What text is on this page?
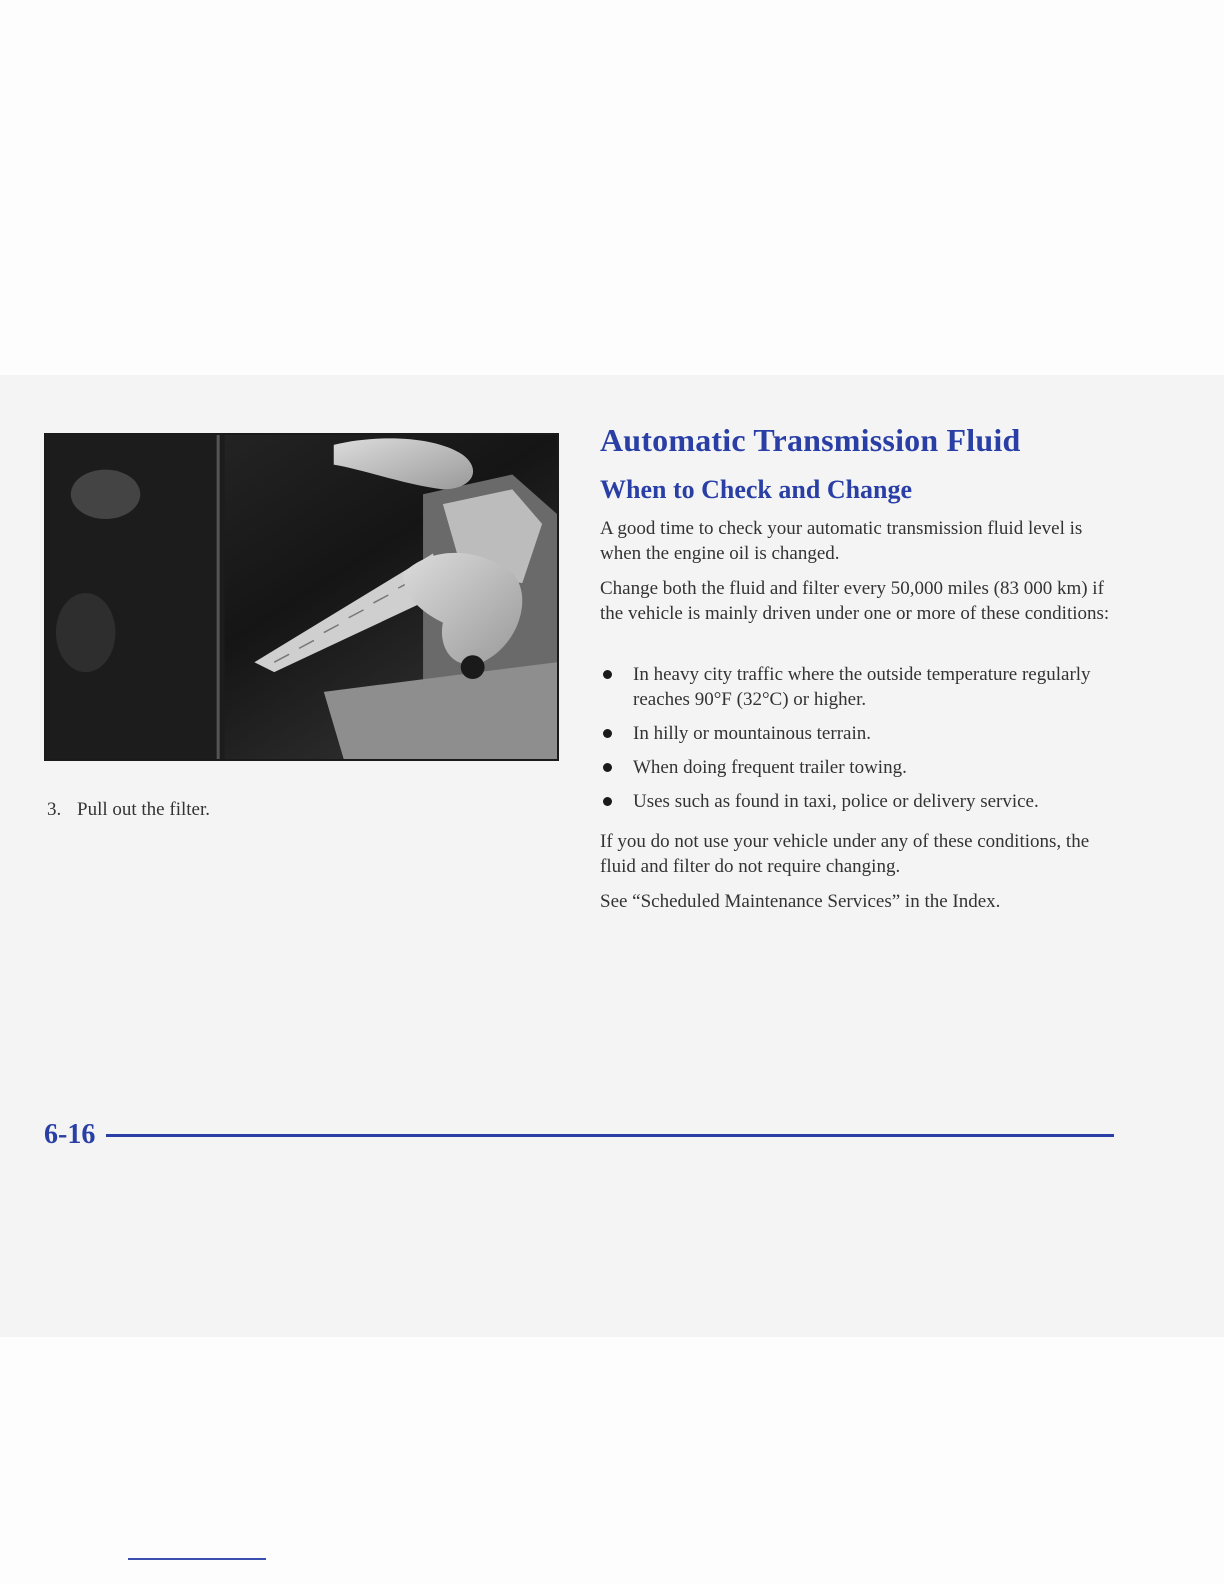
3. Pull out the filter.
Automatic Transmission Fluid
When to Check and Change

A good time to check your automatic transmission fluid level is when the engine oil is changed.

Change both the fluid and filter every 50,000 miles (83 000 km) if the vehicle is mainly driven under one or more of these conditions:

In heavy city traffic where the outside temperature regularly reaches 90°F (32°C) or higher.
In hilly or mountainous terrain.
When doing frequent trailer towing.
Uses such as found in taxi, police or delivery service.

If you do not use your vehicle under any of these conditions, the fluid and filter do not require changing.

See “Scheduled Maintenance Services” in the Index.

6-16
